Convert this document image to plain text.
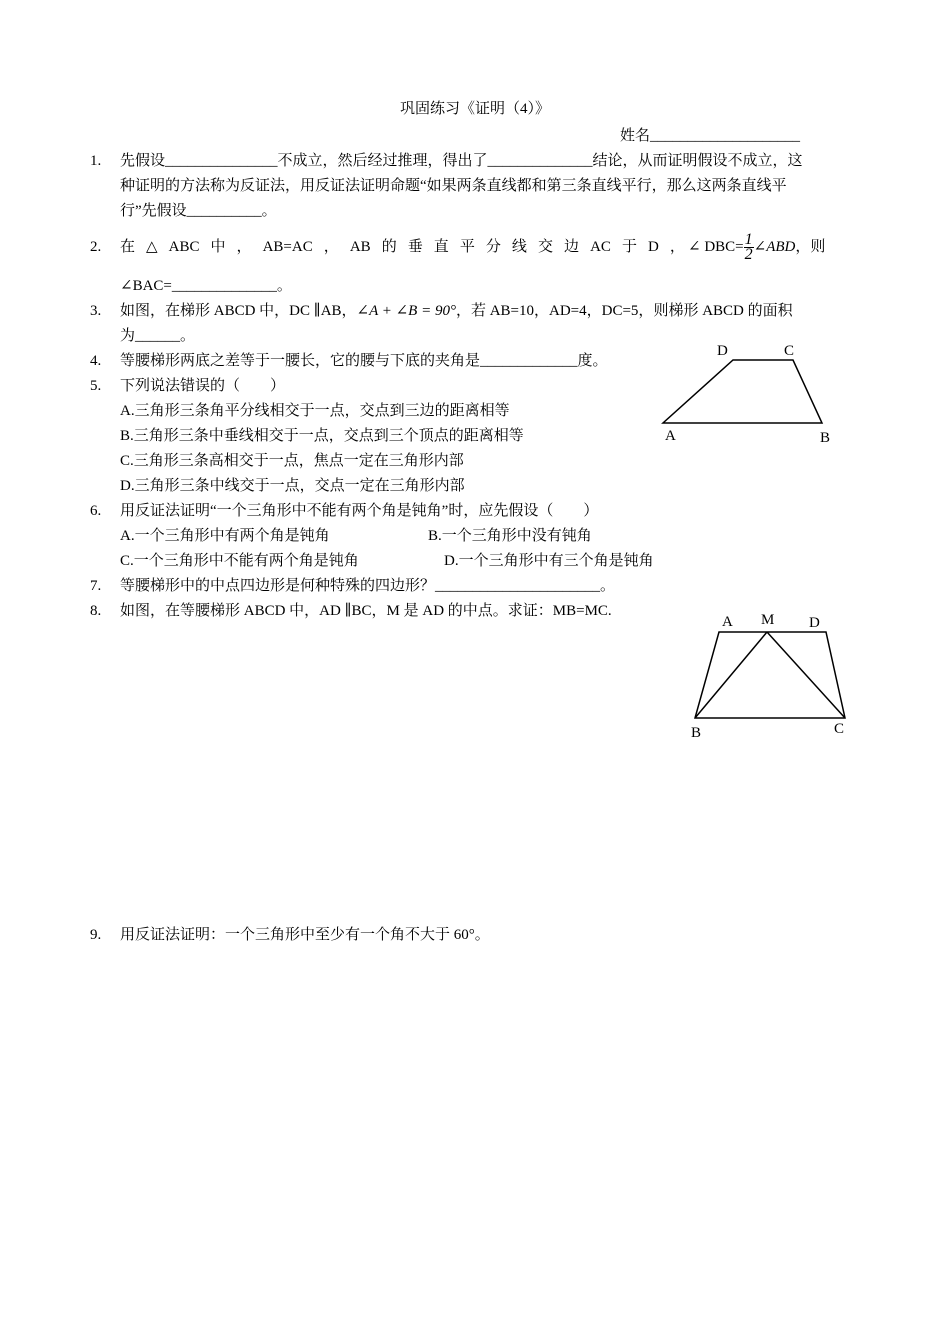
巩固练习《证明（4）》
姓名____________________
1. 先假设_______________不成立，然后经过推理，得出了______________结论，从而证明假设不成立，这
种证明的方法称为反证法，用反证法证明命题“如果两条直线都和第三条直线平行，那么这两条直线平
行”先假设__________。
2. 在 △ ABC 中 ， AB=AC ， AB 的 垂 直 平 分 线 交 边 AC 于 D ， ∠ $DBC= \frac{1}{2}$ ∠ABD，则
∠BAC=______________。
3. 如图，在梯形 ABCD 中，DC ∥AB，∠A + ∠B = 90°，若 AB=10，AD=4，DC=5，则梯形 ABCD 的面积
为______。
4. 等腰梯形两底之差等于一腰长，它的腰与下底的夹角是_____________度。
5. 下列说法错误的（　　）
A.三角形三条角平分线相交于一点，交点到三边的距离相等
B.三角形三条中垂线相交于一点，交点到三个顶点的距离相等
C.三角形三条高相交于一点，焦点一定在三角形内部
D.三角形三条中线交于一点，交点一定在三角形内部
6. 用反证法证明“一个三角形中不能有两个角是钝角”时，应先假设（　　）
A.一个三角形中有两个角是钝角	B.一个三角形中没有钝角
C.一个三角形中不能有两个角是钝角	D.一个三角形中有三个角是钝角
7. 等腰梯形中的中点四边形是何种特殊的四边形？______________________。
8. 如图，在等腰梯形 ABCD 中，AD ∥BC，M 是 AD 的中点。求证：MB=MC.
9. 用反证法证明：一个三角形中至少有一个角不大于 60°。
D	C
A	B
A M D
B	C
